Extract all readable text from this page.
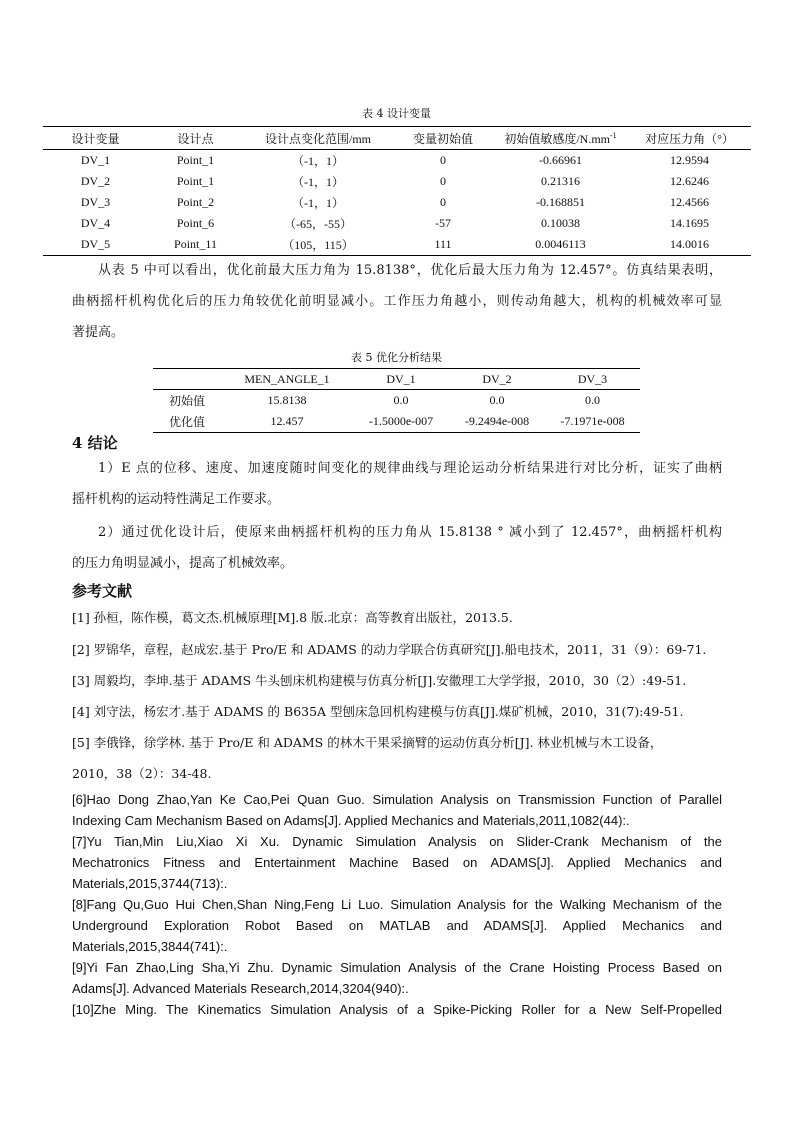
表 4 设计变量
设计变量	设计点	设计点变化范围/mm	变量初始值	初始值敏感度$/N.mm^{-1}$	对应压力角（°）
DV_1	Point_1	（-1，1）	0	-0.66961	12.9594
DV_2	Point_1	（-1，1）	0	0.21316	12.6246
DV_3	Point_2	（-1，1）	0	-0.168851	12.4566
DV_4	Point_6	（-65，-55）	-57	0.10038	14.1695
DV_5	Point_11	（105，115）	111	0.0046113	14.0016
从表 5 中可以看出，优化前最大压力角为 15.8138°，优化后最大压力角为 12.457°。仿真结果表明，
曲柄摇杆机构优化后的压力角较优化前明显减小。工作压力角越小，则传动角越大，机构的机械效率可显
著提高。
表 5 优化分析结果
	MEN_ANGLE_1	DV_1	DV_2	DV_3
初始值	15.8138	0.0	0.0	0.0
优化值	12.457	-1.5000e-007	-9.2494e-008	-7.1971e-008
4 结论
1）E 点的位移、速度、加速度随时间变化的规律曲线与理论运动分析结果进行对比分析，证实了曲柄
摇杆机构的运动特性满足工作要求。
2）通过优化设计后，使原来曲柄摇杆机构的压力角从 15.8138 ° 减小到了 12.457°，曲柄摇杆机构
的压力角明显减小，提高了机械效率。
参考文献
[1] 孙桓，陈作模，葛文杰.机械原理[M].8 版.北京：高等教育出版社，2013.5.
[2] 罗锦华，章程，赵成宏.基于 Pro/E 和 ADAMS 的动力学联合仿真研究[J].船电技术，2011，31（9）：69-71.
[3] 周毅均，李坤.基于 ADAMS 牛头刨床机构建模与仿真分析[J].安徽理工大学学报，2010，30（2）:49-51.
[4] 刘守法，杨宏才.基于 ADAMS 的 B635A 型刨床急回机构建模与仿真[J].煤矿机械，2010，31(7):49-51.
[5] 李俄锋，徐学林. 基于 Pro/E 和 ADAMS 的林木干果采摘臂的运动仿真分析[J]. 林业机械与木工设备，
2010，38（2）：34-48.
[6]Hao Dong Zhao,Yan Ke Cao,Pei Quan Guo. Simulation Analysis on Transmission Function of Parallel
Indexing Cam Mechanism Based on Adams[J]. Applied Mechanics and Materials,2011,1082(44):.
[7]Yu Tian,Min Liu,Xiao Xi Xu. Dynamic Simulation Analysis on Slider-Crank Mechanism of the
Mechatronics Fitness and Entertainment Machine Based on ADAMS[J]. Applied Mechanics and
Materials,2015,3744(713):.
[8]Fang Qu,Guo Hui Chen,Shan Ning,Feng Li Luo. Simulation Analysis for the Walking Mechanism of the
Underground Exploration Robot Based on MATLAB and ADAMS[J]. Applied Mechanics and
Materials,2015,3844(741):.
[9]Yi Fan Zhao,Ling Sha,Yi Zhu. Dynamic Simulation Analysis of the Crane Hoisting Process Based on
Adams[J]. Advanced Materials Research,2014,3204(940):.
[10]Zhe Ming. The Kinematics Simulation Analysis of a Spike-Picking Roller for a New Self-Propelled
